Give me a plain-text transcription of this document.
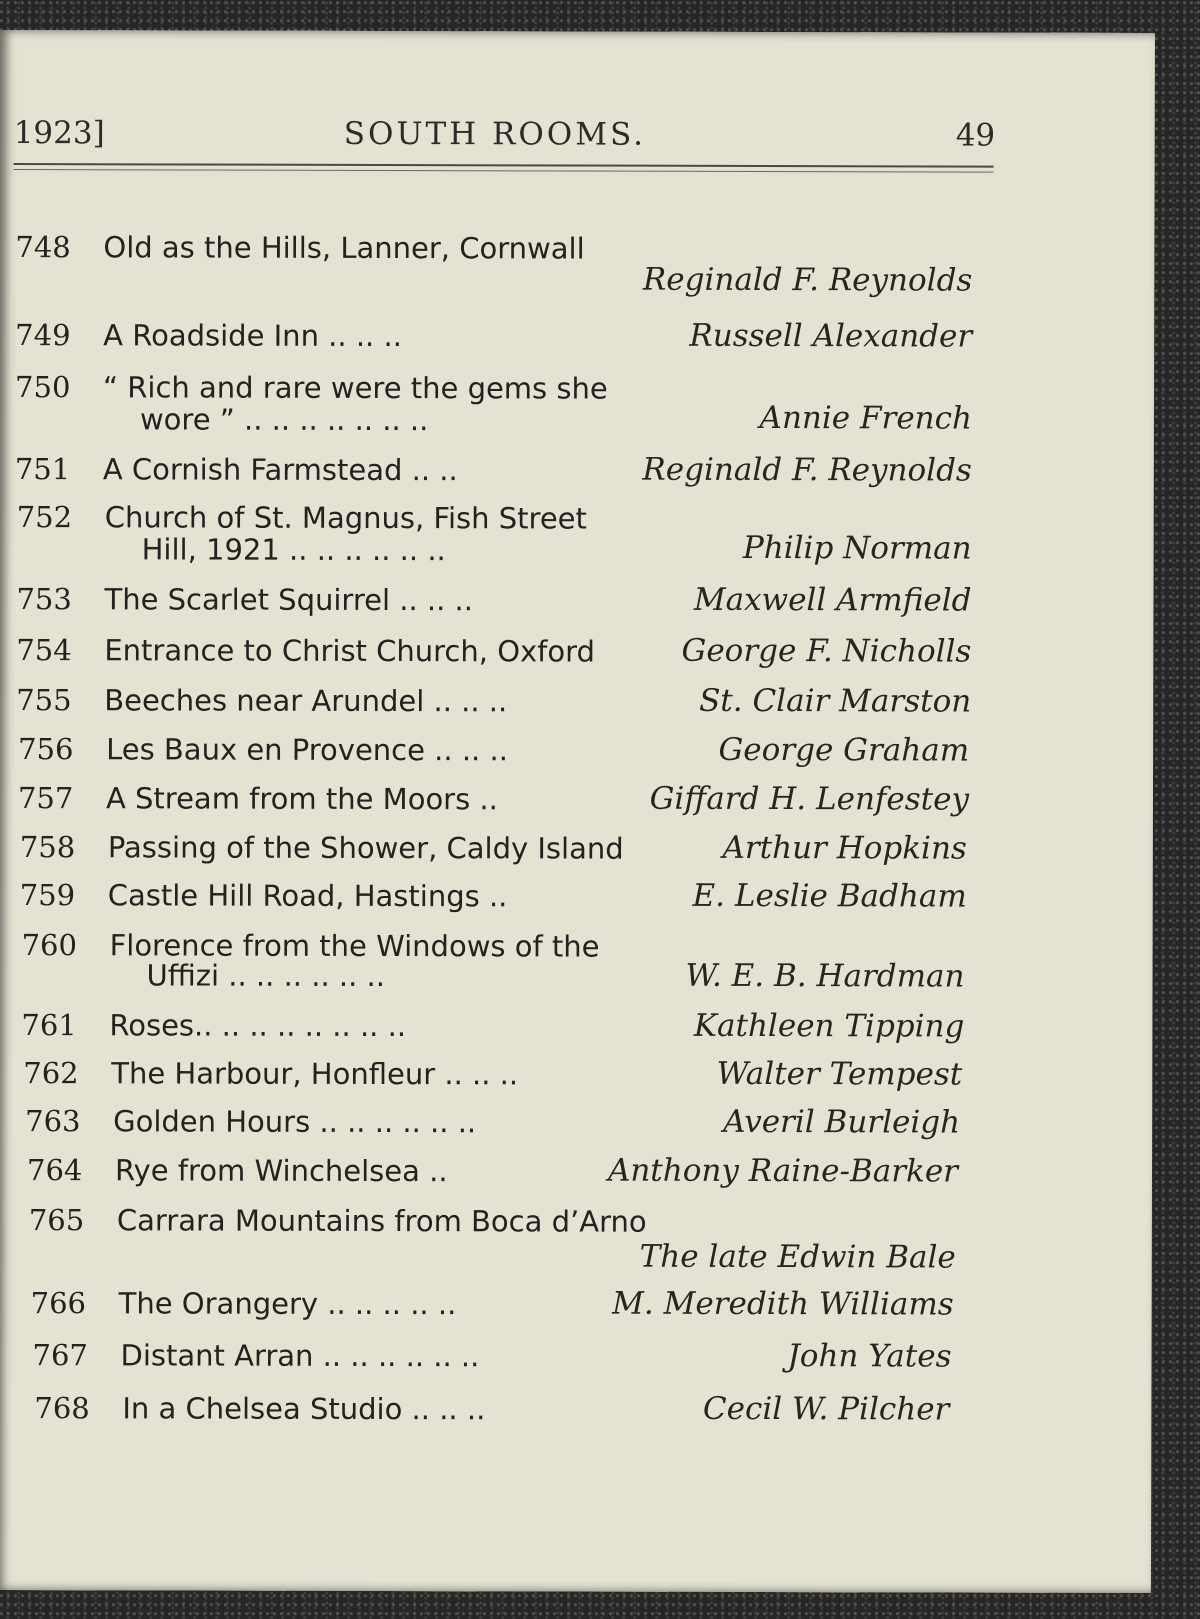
1923]	SOUTH ROOMS.	49
748 Old as the Hills, Lanner, Cornwall
Reginald F. Reynolds
749 A Roadside Inn .. .. ..	Russell Alexander
750 “ Rich and rare were the gems she
wore ” .. .. .. .. .. .. ..	Annie French
751 A Cornish Farmstead .. ..	Reginald F. Reynolds
752 Church of St. Magnus, Fish Street
Hill, 1921 .. .. .. .. .. ..	Philip Norman
753 The Scarlet Squirrel .. .. ..	Maxwell Armfield
754 Entrance to Christ Church, Oxford	George F. Nicholls
755 Beeches near Arundel .. .. ..	St. Clair Marston
756 Les Baux en Provence .. .. ..	George Graham
757 A Stream from the Moors ..	Giffard H. Lenfestey
758 Passing of the Shower, Caldy Island	Arthur Hopkins
759 Castle Hill Road, Hastings ..	E. Leslie Badham
760 Florence from the Windows of the
Uffizi .. .. .. .. .. ..	W. E. B. Hardman
761 Roses.. .. .. .. .. .. .. ..	Kathleen Tipping
762 The Harbour, Honfleur .. .. ..	Walter Tempest
763 Golden Hours .. .. .. .. .. ..	Averil Burleigh
764 Rye from Winchelsea ..	Anthony Raine-Barker
765 Carrara Mountains from Boca d’Arno
The late Edwin Bale
766 The Orangery .. .. .. .. ..	M. Meredith Williams
767 Distant Arran .. .. .. .. .. ..	John Yates
768 In a Chelsea Studio .. .. ..	Cecil W. Pilcher
